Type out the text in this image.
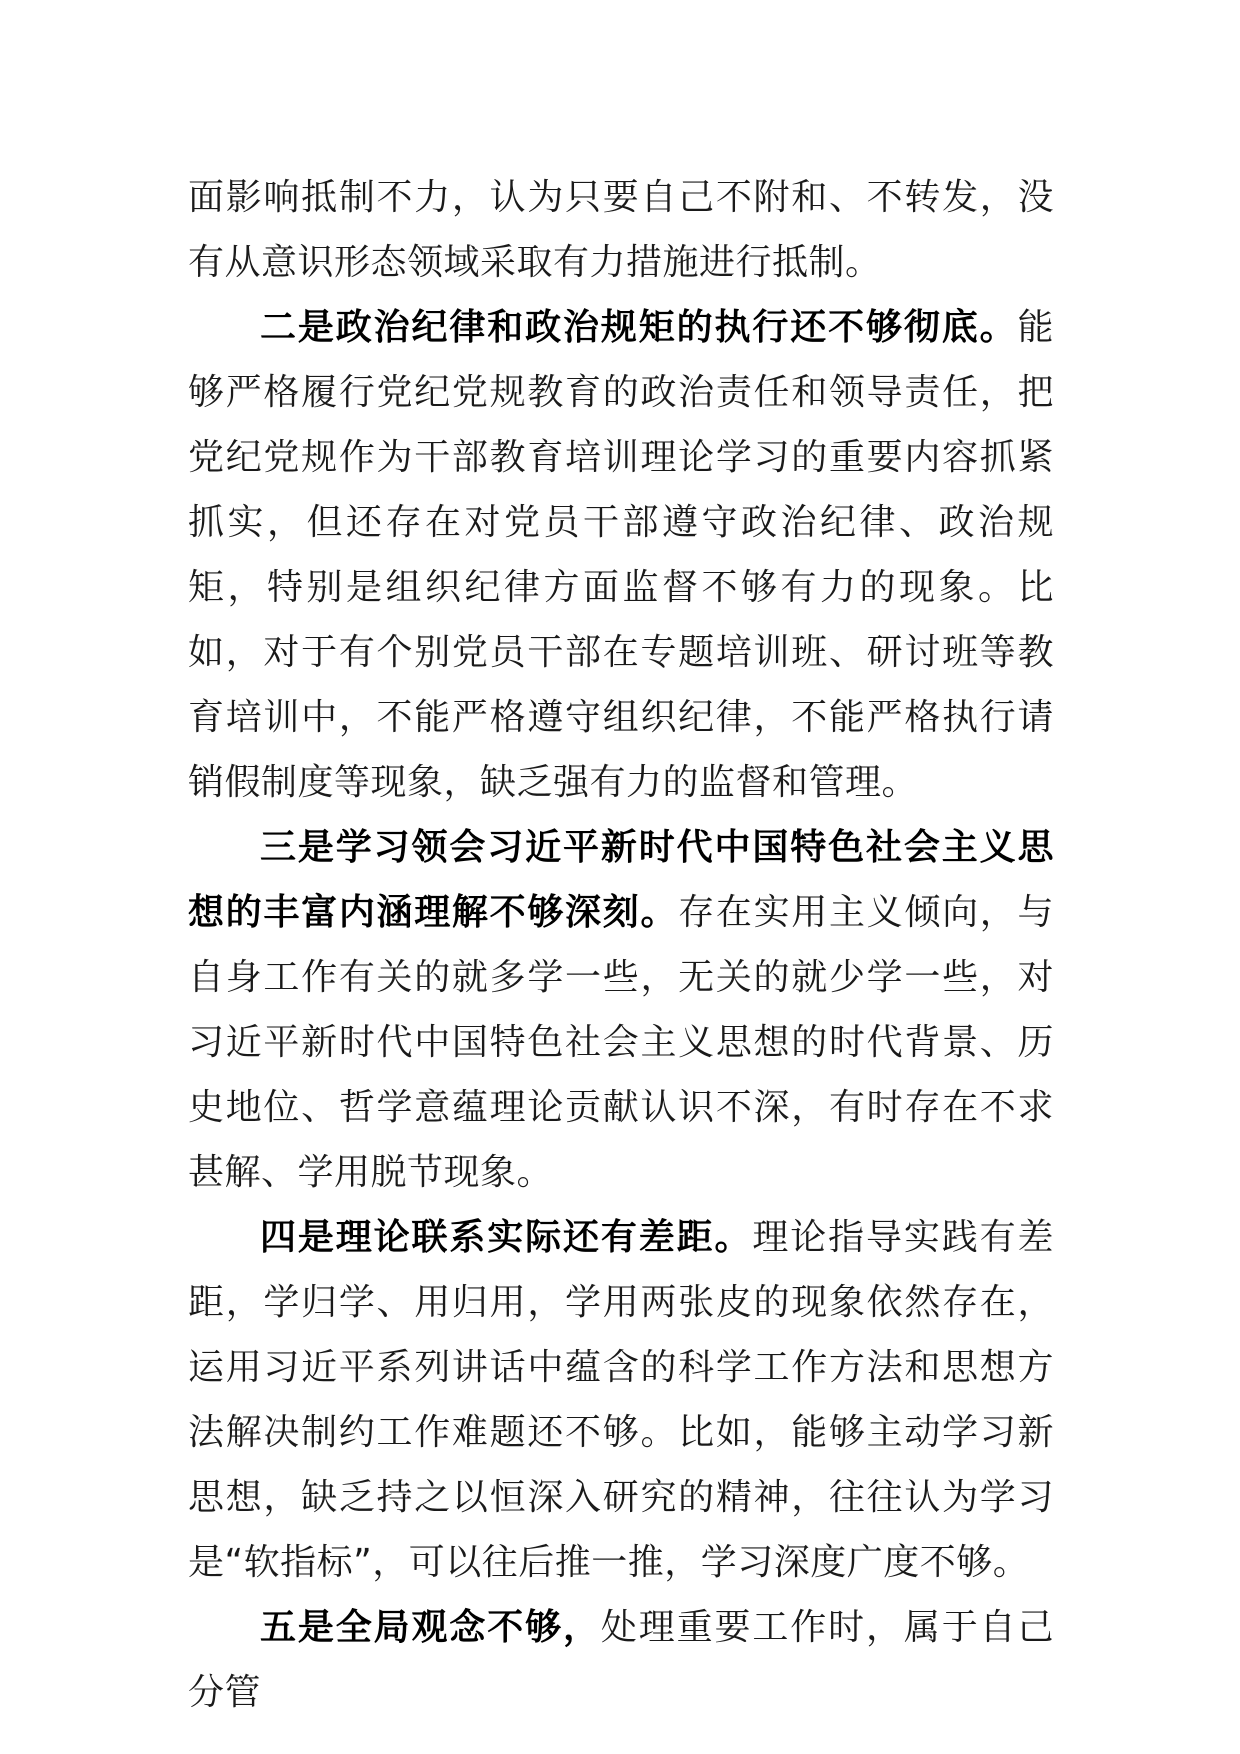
面影响抵制不力，认为只要自己不附和、不转发，没有从意识形态领域采取有力措施进行抵制。

二是政治纪律和政治规矩的执行还不够彻底。能够严格履行党纪党规教育的政治责任和领导责任，把党纪党规作为干部教育培训理论学习的重要内容抓紧抓实，但还存在对党员干部遵守政治纪律、政治规矩，特别是组织纪律方面监督不够有力的现象。比如，对于有个别党员干部在专题培训班、研讨班等教育培训中，不能严格遵守组织纪律，不能严格执行请销假制度等现象，缺乏强有力的监督和管理。

三是学习领会习近平新时代中国特色社会主义思想的丰富内涵理解不够深刻。存在实用主义倾向，与自身工作有关的就多学一些，无关的就少学一些，对习近平新时代中国特色社会主义思想的时代背景、历史地位、哲学意蕴理论贡献认识不深，有时存在不求甚解、学用脱节现象。

四是理论联系实际还有差距。理论指导实践有差距，学归学、用归用，学用两张皮的现象依然存在，运用习近平系列讲话中蕴含的科学工作方法和思想方法解决制约工作难题还不够。比如，能够主动学习新思想，缺乏持之以恒深入研究的精神，往往认为学习是“软指标”，可以往后推一推，学习深度广度不够。

五是全局观念不够，处理重要工作时，属于自己分管
